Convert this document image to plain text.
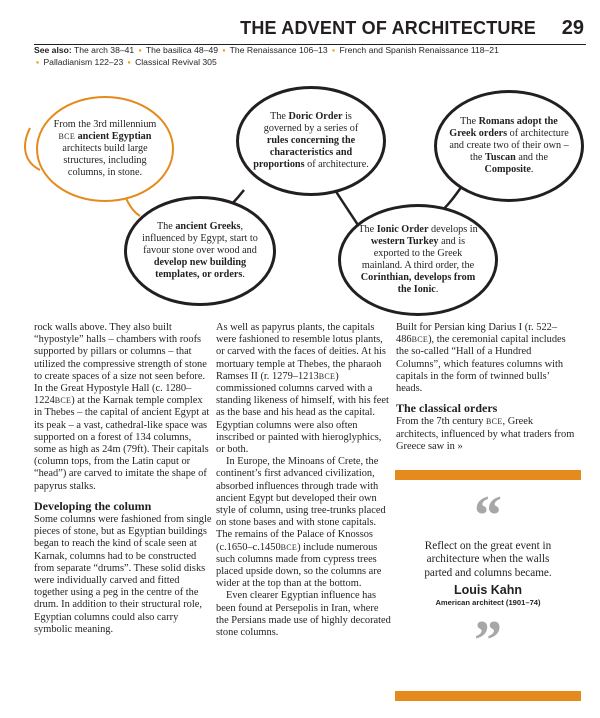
THE ADVENT OF ARCHITECTURE 29
See also: The arch 38–41 ▪ The basilica 48–49 ▪ The Renaissance 106–13 ▪ French and Spanish Renaissance 118–21
▪ Palladianism 122–23 ▪ Classical Revival 305
From the 3rd millennium BCE ancient Egyptian architects build large structures, including columns, in stone.
The ancient Greeks, influenced by Egypt, start to favour stone over wood and develop new building templates, or orders.
The Doric Order is governed by a series of rules concerning the characteristics and proportions of architecture.
The Ionic Order develops in western Turkey and is exported to the Greek mainland. A third order, the Corinthian, develops from the Ionic.
The Romans adopt the Greek orders of architecture and create two of their own – the Tuscan and the Composite.

rock walls above. They also built “hypostyle” halls – chambers with roofs supported by pillars or columns – that utilized the compressive strength of stone to create spaces of a size not seen before. In the Great Hypostyle Hall (c. 1280–1224BCE) at the Karnak temple complex in Thebes – the capital of ancient Egypt at its peak – a vast, cathedral-like space was supported on a forest of 134 columns, some as high as 24m (79ft). Their capitals (column tops, from the Latin caput or “head”) are carved to imitate the shape of papyrus stalks.

Developing the column

Some columns were fashioned from single pieces of stone, but as Egyptian buildings began to reach the kind of scale seen at Karnak, columns had to be constructed from separate “drums”. These solid disks were individually carved and fitted together using a peg in the centre of the drum. In addition to their structural role, Egyptian columns could also carry symbolic meaning.

As well as papyrus plants, the capitals were fashioned to resemble lotus plants, or carved with the faces of deities. At his mortuary temple at Thebes, the pharaoh Ramses II (r. 1279–1213BCE) commissioned columns carved with a standing likeness of himself, with his feet as the base and his head as the capital. Egyptian columns were also often inscribed or painted with hieroglyphics, or both.

In Europe, the Minoans of Crete, the continent’s first advanced civilization, absorbed influences through trade with ancient Egypt but developed their own style of column, using tree-trunks placed on stone bases and with stone capitals. The remains of the Palace of Knossos (c.1650–c.1450BCE) include numerous such columns made from cypress trees placed upside down, so the columns are wider at the top than at the bottom.

Even clearer Egyptian influence has been found at Persepolis in Iran, where the Persians made use of highly decorated stone columns.

Built for Persian king Darius I (r. 522–486BCE), the ceremonial capital includes the so-called “Hall of a Hundred Columns”, which features columns with capitals in the form of twinned bulls’ heads.

The classical orders

From the 7th century BCE, Greek architects, influenced by what traders from Greece saw in »

“
Reflect on the great event in architecture when the walls parted and columns became.
Louis Kahn
American architect (1901–74)
”
